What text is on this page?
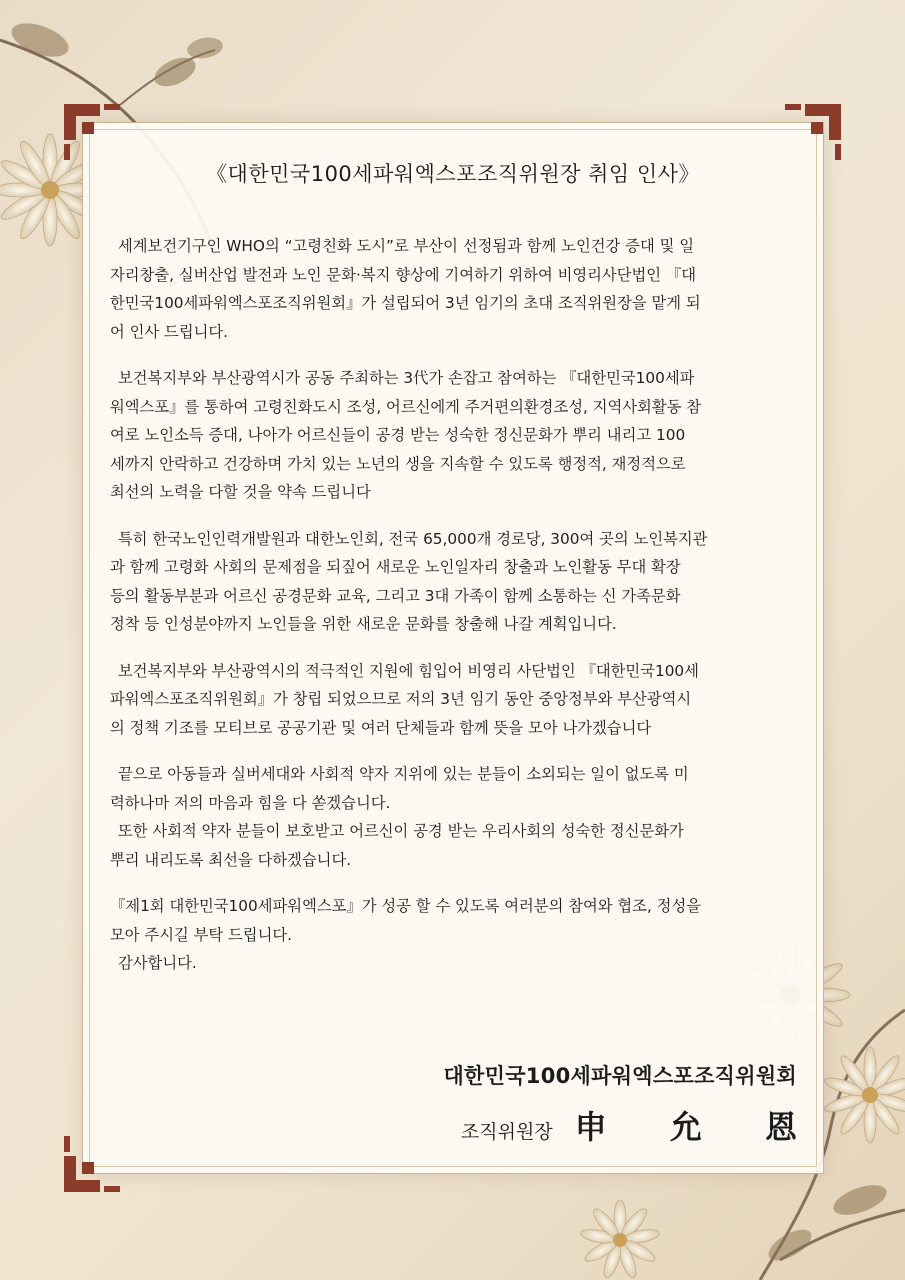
《대한민국100세파워엑스포조직위원장 취임 인사》
세계보건기구인 WHO의 “고령친화 도시”로 부산이 선정됨과 함께 노인건강 증대 및 일
자리창출, 실버산업 발전과 노인 문화·복지 향상에 기여하기 위하여 비영리사단법인 『대
한민국100세파워엑스포조직위원회』가 설립되어 3년 임기의 초대 조직위원장을 맡게 되
어 인사 드립니다.
보건복지부와 부산광역시가 공동 주최하는 3代가 손잡고 참여하는 『대한민국100세파
워엑스포』를 통하여 고령친화도시 조성, 어르신에게 주거편의환경조성, 지역사회활동 참
여로 노인소득 증대, 나아가 어르신들이 공경 받는 성숙한 정신문화가 뿌리 내리고 100
세까지 안락하고 건강하며 가치 있는 노년의 생을 지속할 수 있도록 행정적, 재정적으로
최선의 노력을 다할 것을 약속 드립니다
특히 한국노인인력개발원과 대한노인회, 전국 65,000개 경로당, 300여 곳의 노인복지관
과 함께 고령화 사회의 문제점을 되짚어 새로운 노인일자리 창출과 노인활동 무대 확장
등의 활동부분과 어르신 공경문화 교육, 그리고 3대 가족이 함께 소통하는 신 가족문화
정착 등 인성분야까지 노인들을 위한 새로운 문화를 창출해 나갈 계획입니다.
보건복지부와 부산광역시의 적극적인 지원에 힘입어 비영리 사단법인 『대한민국100세
파워엑스포조직위원회』가 창립 되었으므로 저의 3년 임기 동안 중앙정부와 부산광역시
의 정책 기조를 모티브로 공공기관 및 여러 단체들과 함께 뜻을 모아 나가겠습니다
끝으로 아동들과 실버세대와 사회적 약자 지위에 있는 분들이 소외되는 일이 없도록 미
력하나마 저의 마음과 힘을 다 쏟겠습니다.
또한 사회적 약자 분들이 보호받고 어르신이 공경 받는 우리사회의 성숙한 정신문화가
뿌리 내리도록 최선을 다하겠습니다.
『제1회 대한민국100세파워엑스포』가 성공 할 수 있도록 여러분의 참여와 협조, 정성을
모아 주시길 부탁 드립니다.
감사합니다.
대한민국100세파워엑스포조직위원회
조직위원장 申 允 恩
